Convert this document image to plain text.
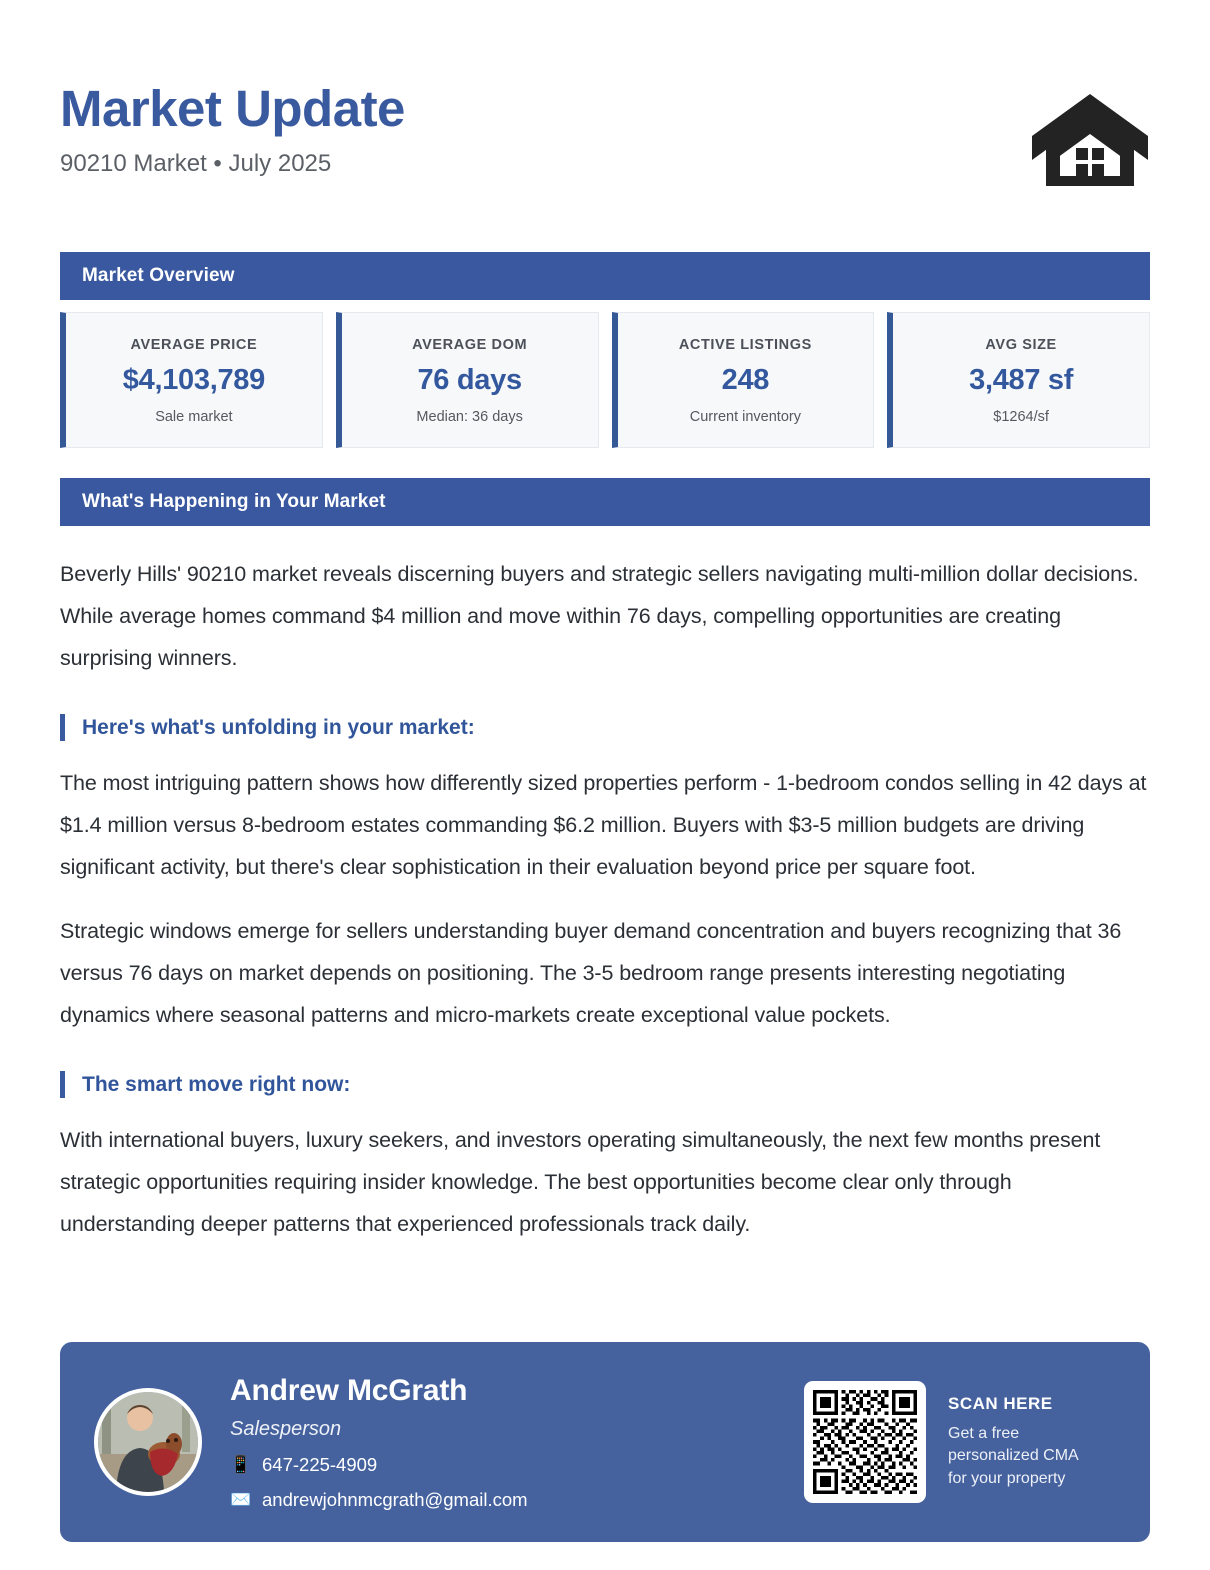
Market Update
90210 Market • July 2025
Market Overview
AVERAGE PRICE
$4,103,789
Sale market
AVERAGE DOM
76 days
Median: 36 days
ACTIVE LISTINGS
248
Current inventory
AVG SIZE
3,487 sf
$1264/sf
What's Happening in Your Market
Beverly Hills' 90210 market reveals discerning buyers and strategic sellers navigating multi-million dollar decisions. While average homes command $4 million and move within 76 days, compelling opportunities are creating surprising winners.
Here's what's unfolding in your market:
The most intriguing pattern shows how differently sized properties perform - 1-bedroom condos selling in 42 days at $1.4 million versus 8-bedroom estates commanding $6.2 million. Buyers with $3-5 million budgets are driving significant activity, but there's clear sophistication in their evaluation beyond price per square foot.
Strategic windows emerge for sellers understanding buyer demand concentration and buyers recognizing that 36 versus 76 days on market depends on positioning. The 3-5 bedroom range presents interesting negotiating dynamics where seasonal patterns and micro-markets create exceptional value pockets.
The smart move right now:
With international buyers, luxury seekers, and investors operating simultaneously, the next few months present strategic opportunities requiring insider knowledge. The best opportunities become clear only through understanding deeper patterns that experienced professionals track daily.
Andrew McGrath
Salesperson
📱 647-225-4909
✉️ andrewjohnmcgrath@gmail.com
SCAN HERE
Get a free personalized CMA for your property
